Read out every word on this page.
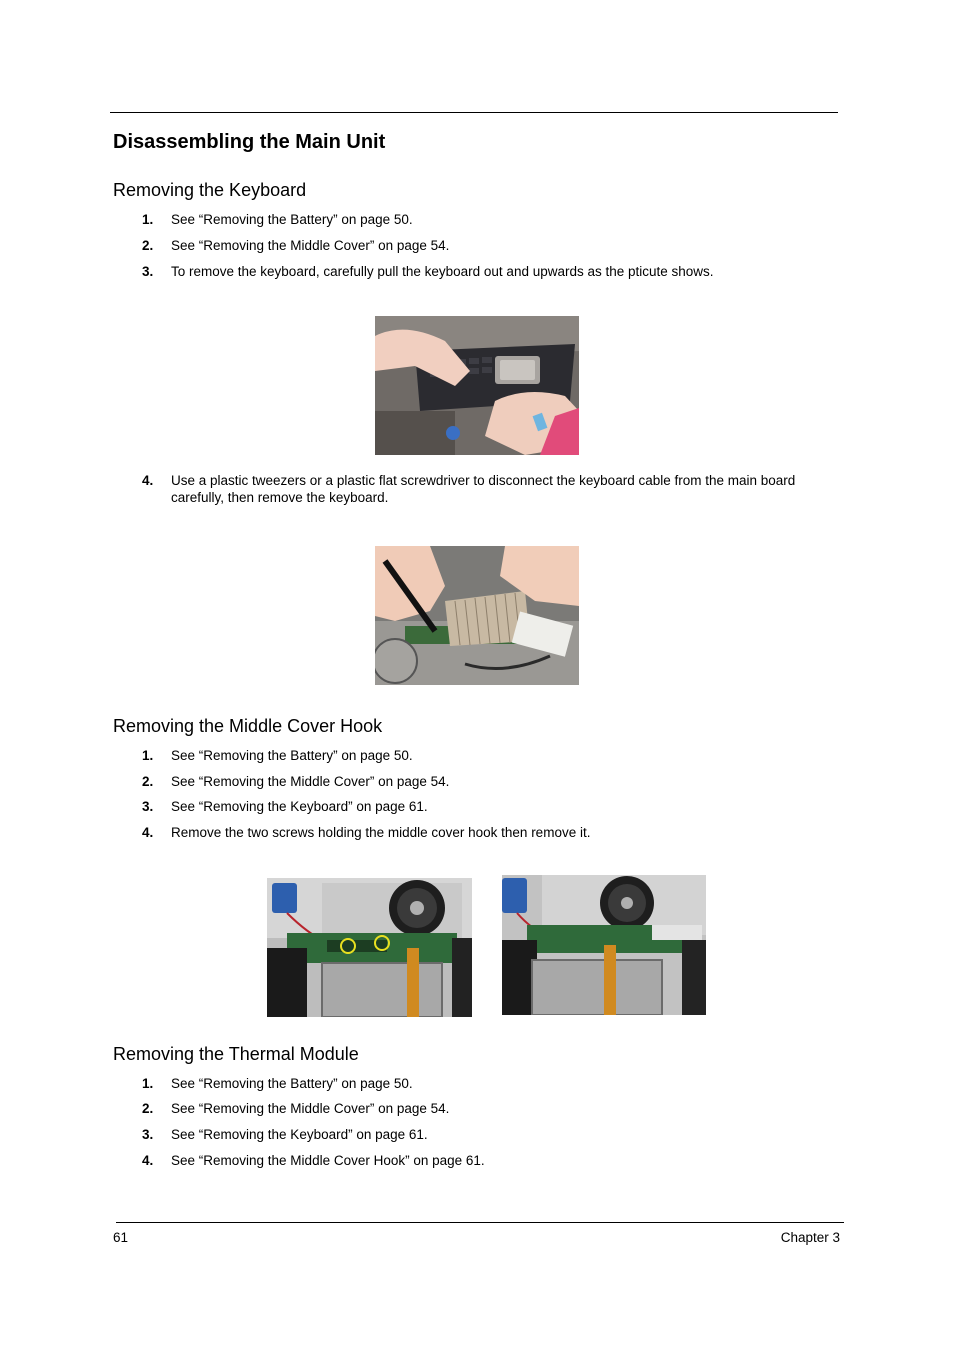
Disassembling the Main Unit
Removing the Keyboard
1. See “Removing the Battery” on page 50.
2. See “Removing the Middle Cover” on page 54.
3. To remove the keyboard, carefully pull the keyboard out and upwards as the pticute shows.
4. Use a plastic tweezers or a plastic flat screwdriver to disconnect the keyboard cable from the main board carefully, then remove the keyboard.
Removing the Middle Cover Hook
1. See “Removing the Battery” on page 50.
2. See “Removing the Middle Cover” on page 54.
3. See “Removing the Keyboard” on page 61.
4. Remove the two screws holding the middle cover hook then remove it.
Removing the Thermal Module
1. See “Removing the Battery” on page 50.
2. See “Removing the Middle Cover” on page 54.
3. See “Removing the Keyboard” on page 61.
4. See “Removing the Middle Cover Hook” on page 61.
61	Chapter 3
